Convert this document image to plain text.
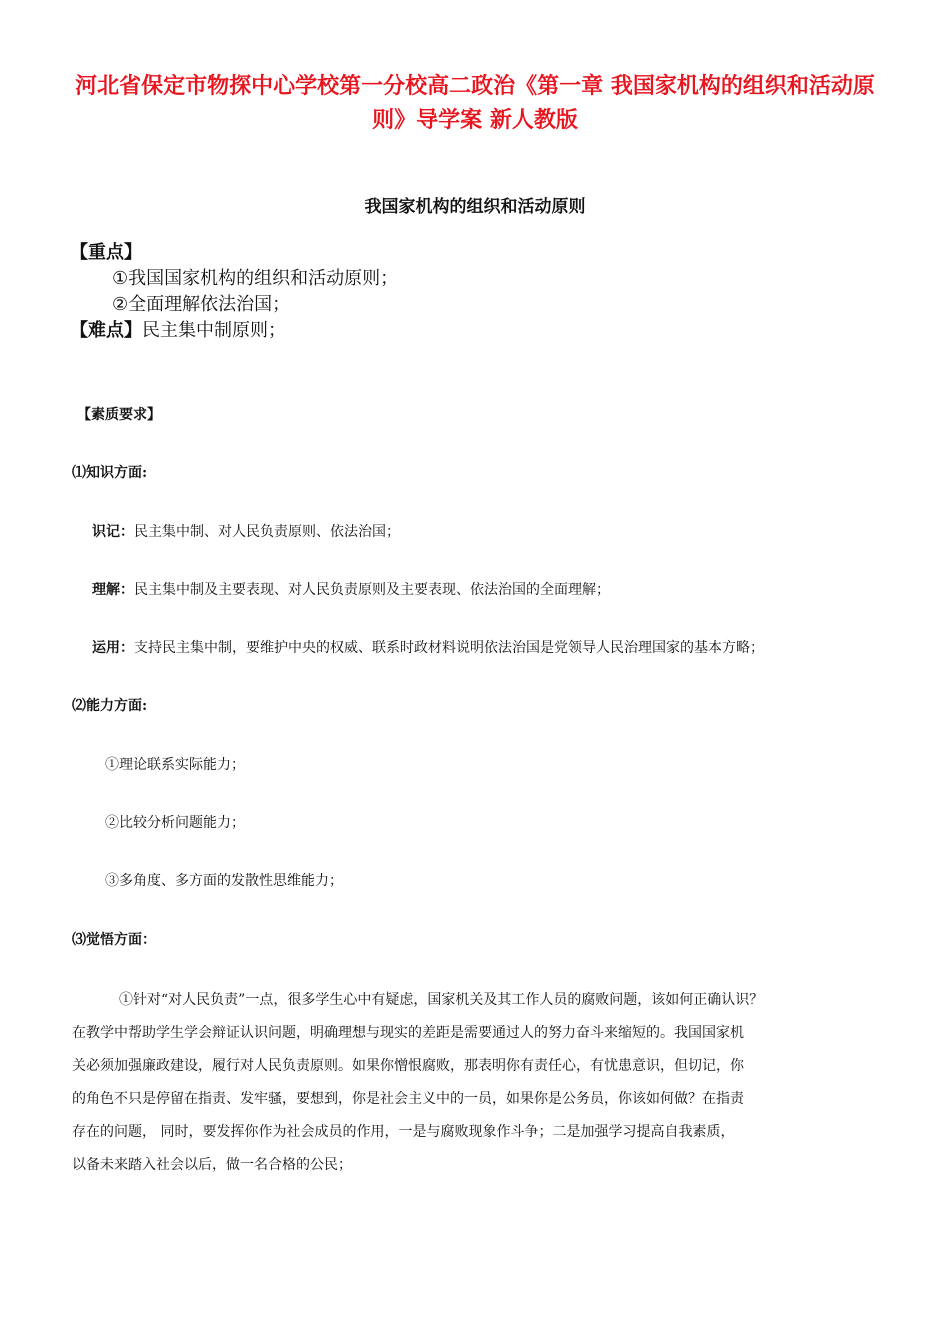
河北省保定市物探中心学校第一分校高二政治《第一章 我国家机构的组织和活动原则》导学案 新人教版
我国家机构的组织和活动原则
【重点】
①我国国家机构的组织和活动原则；
②全面理解依法治国；
【难点】民主集中制原则；

【素质要求】

⑴知识方面:

识记：民主集中制、对人民负责原则、依法治国；

理解：民主集中制及主要表现、对人民负责原则及主要表现、依法治国的全面理解；

运用：支持民主集中制，要维护中央的权威、联系时政材料说明依法治国是党领导人民治理国家的基本方略；

⑵能力方面:

①理论联系实际能力；

②比较分析问题能力；

③多角度、多方面的发散性思维能力；

⑶觉悟方面：

①针对“对人民负责”一点，很多学生心中有疑虑，国家机关及其工作人员的腐败问题，该如何正确认识？

在教学中帮助学生学会辩证认识问题，明确理想与现实的差距是需要通过人的努力奋斗来缩短的。我国国家机

关必须加强廉政建设，履行对人民负责原则。如果你憎恨腐败，那表明你有责任心，有忧患意识，但切记，你

的角色不只是停留在指责、发牢骚，要想到，你是社会主义中的一员，如果你是公务员，你该如何做？在指责

存在的问题， 同时，要发挥你作为社会成员的作用，一是与腐败现象作斗争；二是加强学习提高自我素质，

以备未来踏入社会以后，做一名合格的公民；
